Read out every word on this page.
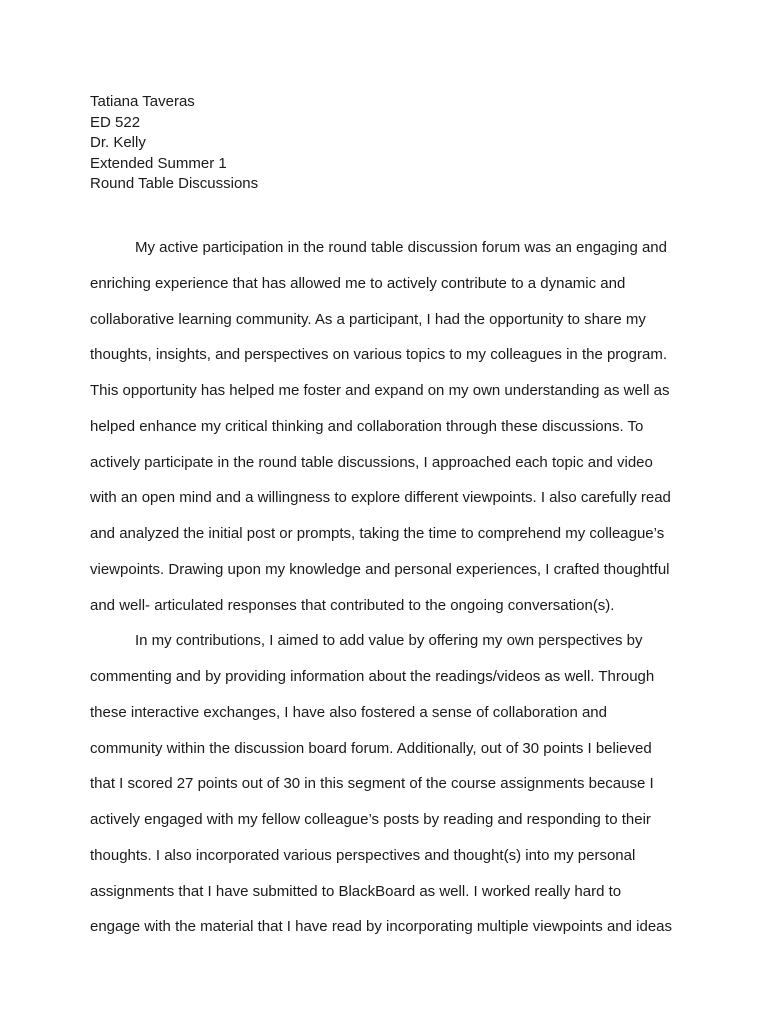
Tatiana Taveras
ED 522
Dr. Kelly
Extended Summer 1
Round Table Discussions
My active participation in the round table discussion forum was an engaging and
enriching experience that has allowed me to actively contribute to a dynamic and
collaborative learning community. As a participant, I had the opportunity to share my
thoughts, insights, and perspectives on various topics to my colleagues in the program.
This opportunity has helped me foster and expand on my own understanding as well as
helped enhance my critical thinking and collaboration through these discussions. To
actively participate in the round table discussions, I approached each topic and video
with an open mind and a willingness to explore different viewpoints. I also carefully read
and analyzed the initial post or prompts, taking the time to comprehend my colleague’s
viewpoints. Drawing upon my knowledge and personal experiences, I crafted thoughtful
and well- articulated responses that contributed to the ongoing conversation(s).
In my contributions, I aimed to add value by offering my own perspectives by
commenting and by providing information about the readings/videos as well. Through
these interactive exchanges, I have also fostered a sense of collaboration and
community within the discussion board forum. Additionally, out of 30 points I believed
that I scored 27 points out of 30 in this segment of the course assignments because I
actively engaged with my fellow colleague’s posts by reading and responding to their
thoughts. I also incorporated various perspectives and thought(s) into my personal
assignments that I have submitted to BlackBoard as well. I worked really hard to
engage with the material that I have read by incorporating multiple viewpoints and ideas
